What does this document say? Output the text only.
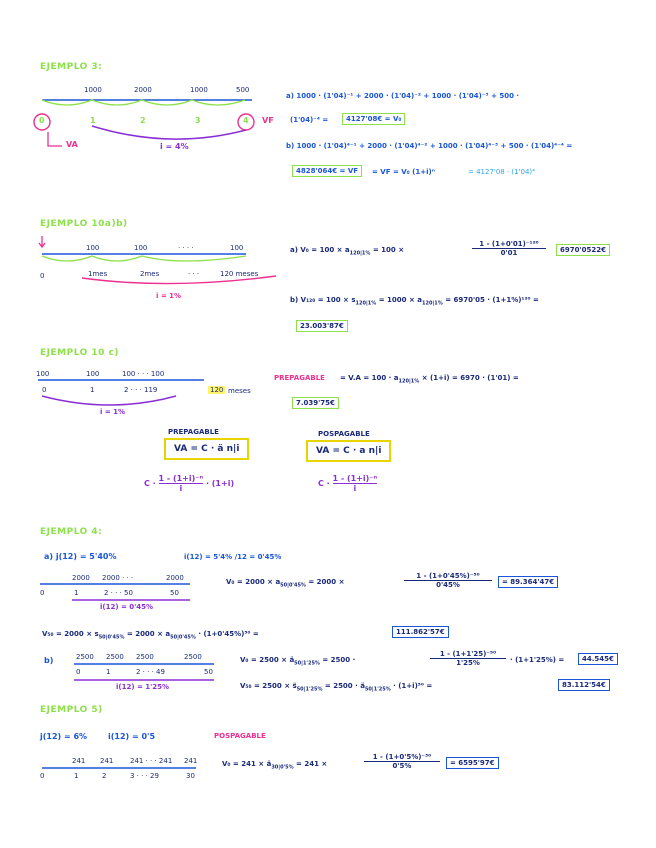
EJEMPLO 3:
1000	2000	1000	500
0	1	2	3	4
VA
VF
i = 4%
a) 1000 · (1'04)⁻¹ + 2000 · (1'04)⁻² + 1000 · (1'04)⁻³ + 500 ·
(1'04)⁻⁴ =	4127'08€ = V₀
b) 1000 · (1'04)⁴⁻¹ + 2000 · (1'04)⁴⁻² + 1000 · (1'04)⁴⁻³ + 500 · (1'04)⁴⁻⁴ =
4828'064€ = VF	= VF = V₀ (1+i)ⁿ	= 4127'08 · (1'04)⁴
EJEMPLO 10a)b)
100	100	· · · ·	100
0	1mes	2mes	· · ·	120 meses
i = 1%
a) $V_0 = 100 \times a_{120|1\%} = 100$ ×
1 - (1+0'01)⁻¹²⁰
0'01	6970'0522€
b) $V_{120} = 100 \times s_{120|1\%} = 1000 \times a_{120|1\%} = 6970'05 \cdot (1+1\%)^{120}$ =
23.003'87€
EJEMPLO 10 c)
100	100	100 · · · 100
0	1	2 · · · 119	120 meses
i = 1%
PREPAGABLE = $V.A = 100 \cdot a_{120|1\%} \times (1+i) = 6970 \cdot (1'01)$ =
7.039'75€
PREPAGABLE
VA = C · ä n|i
$C \cdot \frac{\text{1 - (1+i)⁻ⁿ}}{i} \cdot (1+i)$
POSPAGABLE
VA = C · a n|i
$C \cdot \frac{\text{1 - (1+i)⁻ⁿ}}{i}$
EJEMPLO 4:
a) j(12) = 5'40%	i(12) = 5'4% /12 = 0'45%
2000 2000 · · ·	2000
0	1	2 · · · 50	50
i(12) = 0'45%
$V_0 = 2000 \times a_{50|0'45\%} = 2000$ ×
1 - (1+0'45%)⁻⁵⁰
0'45%	= 89.364'47€
$V_{50} = 2000 \times s_{50|0'45\%} = 2000 \times a_{50|0'45\%} \cdot (1+0'45\%)^{50}$ =	111.862'57€
b)	2500 2500 2500	2500
0	1	2 · · · 49	50
i(12) = 1'25%
$V_0 = 2500 \times ä_{50|1'25\%} = 2500$ ·
1 - (1+1'25)⁻⁵⁰
1'25%	· (1+1'25%) =	44.545€
$V_{50} = 2500 \times s̈_{50|1'25\%} = 2500$ · $ä_{50|1'25\%} \cdot (1+i)^{50}$ =	83.112'54€
EJEMPLO 5)
j(12) = 6%	i(12) = 0'5	POSPAGABLE
241 241 241 · · · 241 241
0	1	2	3 · · · 29	30
$V_0 = 241 \times ä_{30|0'5\%} = 241$ ×
1 - (1+0'5%)⁻³⁰
0'5%	= 6595'97€
